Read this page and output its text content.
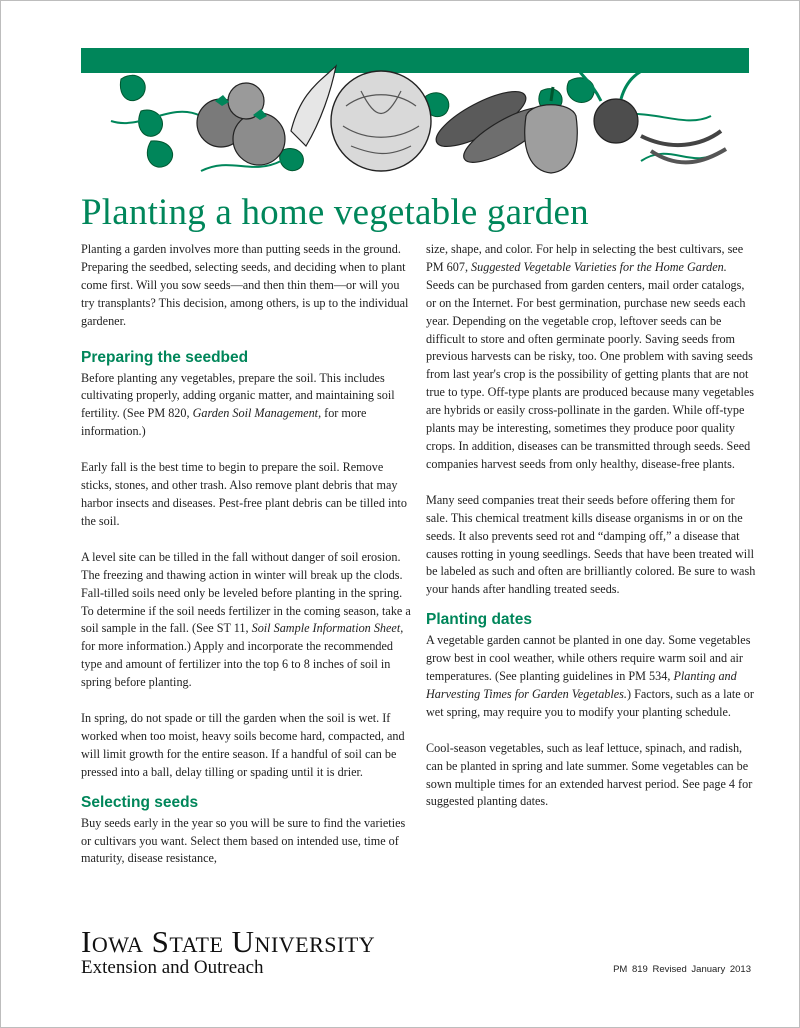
Planting a home vegetable garden

Planting a garden involves more than putting seeds in the ground. Preparing the seedbed, selecting seeds, and deciding when to plant come first. Will you sow seeds—and then thin them—or will you try transplants? This decision, among others, is up to the individual gardener.

Preparing the seedbed

Before planting any vegetables, prepare the soil. This includes cultivating properly, adding organic matter, and maintaining soil fertility. (See PM 820, Garden Soil Management, for more information.)

Early fall is the best time to begin to prepare the soil. Remove sticks, stones, and other trash. Also remove plant debris that may harbor insects and diseases. Pest-free plant debris can be tilled into the soil.

A level site can be tilled in the fall without danger of soil erosion. The freezing and thawing action in winter will break up the clods. Fall-tilled soils need only be leveled before planting in the spring. To determine if the soil needs fertilizer in the coming season, take a soil sample in the fall. (See ST 11, Soil Sample Information Sheet, for more information.) Apply and incorporate the recommended type and amount of fertilizer into the top 6 to 8 inches of soil in spring before planting.

In spring, do not spade or till the garden when the soil is wet. If worked when too moist, heavy soils become hard, compacted, and will limit growth for the entire season. If a handful of soil can be pressed into a ball, delay tilling or spading until it is drier.

Selecting seeds

Buy seeds early in the year so you will be sure to find the varieties or cultivars you want. Select them based on intended use, time of maturity, disease resistance,

size, shape, and color. For help in selecting the best cultivars, see PM 607, Suggested Vegetable Varieties for the Home Garden. Seeds can be purchased from garden centers, mail order catalogs, or on the Internet. For best germination, purchase new seeds each year. Depending on the vegetable crop, leftover seeds can be difficult to store and often germinate poorly. Saving seeds from previous harvests can be risky, too. One problem with saving seeds from last year's crop is the possibility of getting plants that are not true to type. Off-type plants are produced because many vegetables are hybrids or easily cross-pollinate in the garden. While off-type plants may be interesting, sometimes they produce poor quality crops. In addition, diseases can be transmitted through seeds. Seed companies harvest seeds from only healthy, disease-free plants.

Many seed companies treat their seeds before offering them for sale. This chemical treatment kills disease organisms in or on the seeds. It also prevents seed rot and “damping off,” a disease that causes rotting in young seedlings. Seeds that have been treated will be labeled as such and often are brilliantly colored. Be sure to wash your hands after handling treated seeds.

Planting dates

A vegetable garden cannot be planted in one day. Some vegetables grow best in cool weather, while others require warm soil and air temperatures. (See planting guidelines in PM 534, Planting and Harvesting Times for Garden Vegetables.) Factors, such as a late or wet spring, may require you to modify your planting schedule.

Cool-season vegetables, such as leaf lettuce, spinach, and radish, can be planted in spring and late summer. Some vegetables can be sown multiple times for an extended harvest period. See page 4 for suggested planting dates.

Iowa State University
Extension and Outreach	PM 819 Revised January 2013
